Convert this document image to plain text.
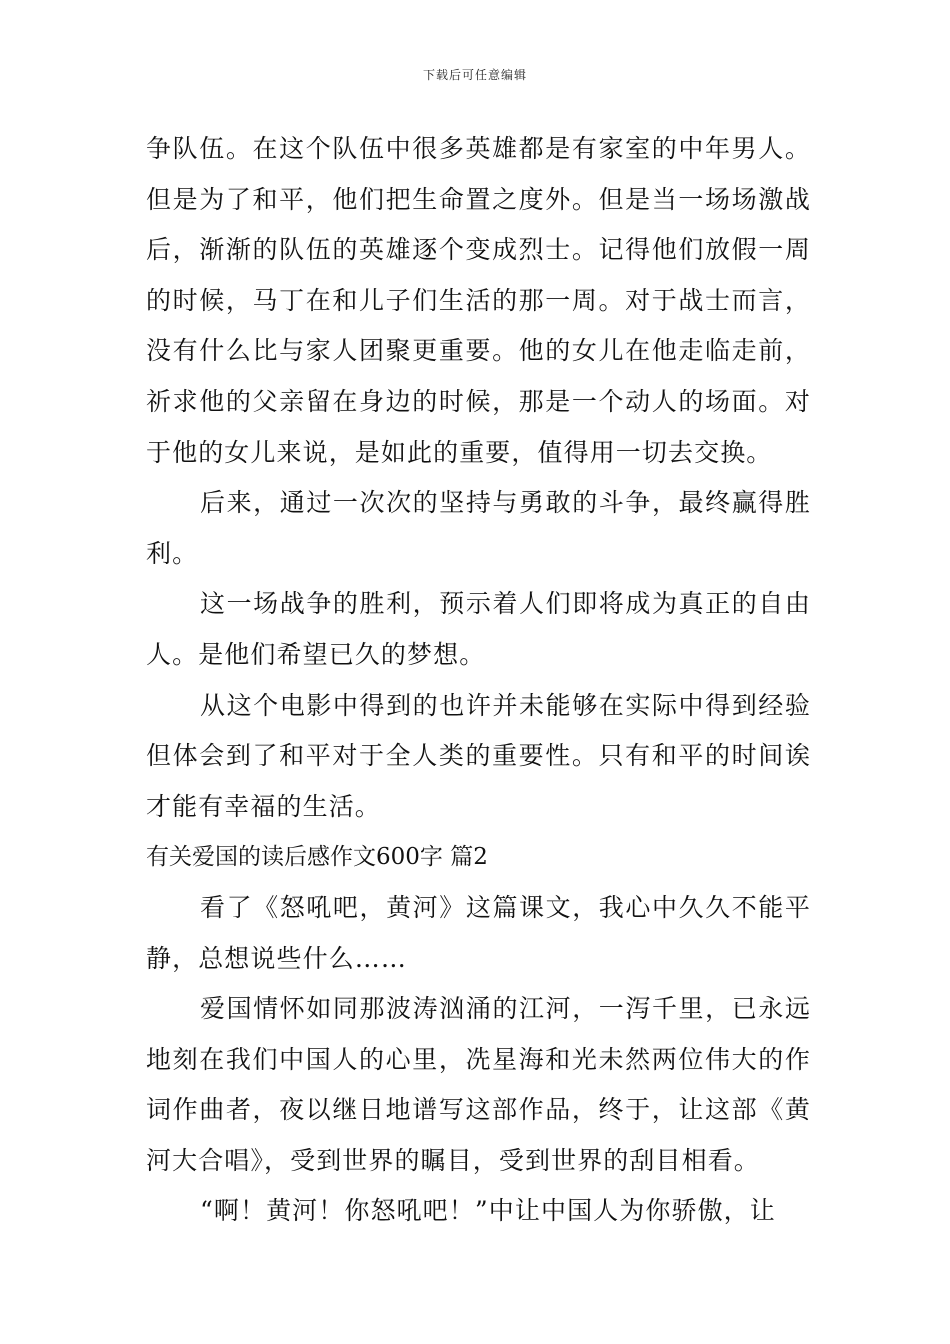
下载后可任意编辑

争队伍。在这个队伍中很多英雄都是有家室的中年男人。但是为了和平，他们把生命置之度外。但是当一场场激战后，渐渐的队伍的英雄逐个变成烈士。记得他们放假一周的时候，马丁在和儿子们生活的那一周。对于战士而言，没有什么比与家人团聚更重要。他的女儿在他走临走前，祈求他的父亲留在身边的时候，那是一个动人的场面。对于他的女儿来说，是如此的重要，值得用一切去交换。

后来，通过一次次的坚持与勇敢的斗争，最终赢得胜利。

这一场战争的胜利，预示着人们即将成为真正的自由人。是他们希望已久的梦想。

从这个电影中得到的也许并未能够在实际中得到经验但体会到了和平对于全人类的重要性。只有和平的时间诶才能有幸福的生活。

有关爱国的读后感作文600字 篇2

看了《怒吼吧，黄河》这篇课文，我心中久久不能平静，总想说些什么……

爱国情怀如同那波涛汹涌的江河，一泻千里，已永远地刻在我们中国人的心里，冼星海和光未然两位伟大的作词作曲者，夜以继日地谱写这部作品，终于，让这部《黄河大合唱》，受到世界的瞩目，受到世界的刮目相看。

“啊！黄河！你怒吼吧！”中让中国人为你骄傲，让
